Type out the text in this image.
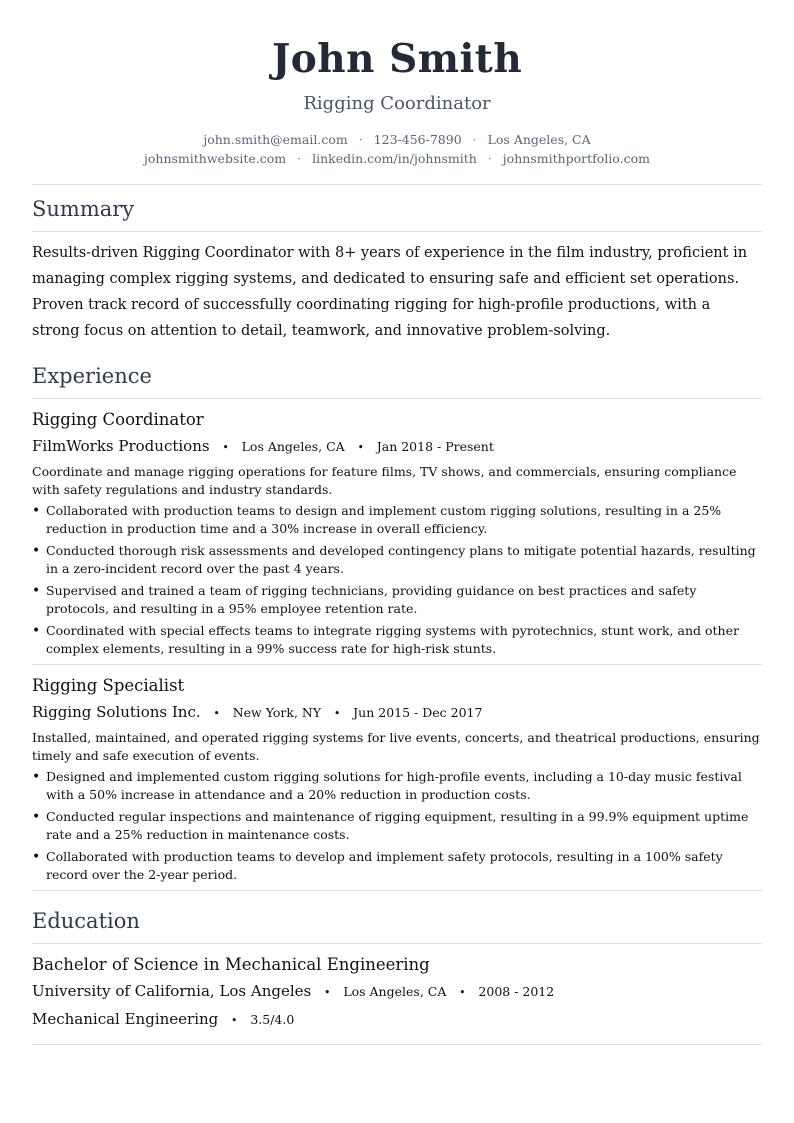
John Smith
Rigging Coordinator
john.smith@email.com · 123-456-7890 · Los Angeles, CA
johnsmithwebsite.com · linkedin.com/in/johnsmith · johnsmithportfolio.com
Summary
Results-driven Rigging Coordinator with 8+ years of experience in the film industry, proficient in managing complex rigging systems, and dedicated to ensuring safe and efficient set operations. Proven track record of successfully coordinating rigging for high-profile productions, with a strong focus on attention to detail, teamwork, and innovative problem-solving.
Experience
Rigging Coordinator
FilmWorks Productions • Los Angeles, CA • Jan 2018 - Present
Coordinate and manage rigging operations for feature films, TV shows, and commercials, ensuring compliance with safety regulations and industry standards.
• Collaborated with production teams to design and implement custom rigging solutions, resulting in a 25% reduction in production time and a 30% increase in overall efficiency.
• Conducted thorough risk assessments and developed contingency plans to mitigate potential hazards, resulting in a zero-incident record over the past 4 years.
• Supervised and trained a team of rigging technicians, providing guidance on best practices and safety protocols, and resulting in a 95% employee retention rate.
• Coordinated with special effects teams to integrate rigging systems with pyrotechnics, stunt work, and other complex elements, resulting in a 99% success rate for high-risk stunts.
Rigging Specialist
Rigging Solutions Inc. • New York, NY • Jun 2015 - Dec 2017
Installed, maintained, and operated rigging systems for live events, concerts, and theatrical productions, ensuring timely and safe execution of events.
• Designed and implemented custom rigging solutions for high-profile events, including a 10-day music festival with a 50% increase in attendance and a 20% reduction in production costs.
• Conducted regular inspections and maintenance of rigging equipment, resulting in a 99.9% equipment uptime rate and a 25% reduction in maintenance costs.
• Collaborated with production teams to develop and implement safety protocols, resulting in a 100% safety record over the 2-year period.
Education
Bachelor of Science in Mechanical Engineering
University of California, Los Angeles • Los Angeles, CA • 2008 - 2012
Mechanical Engineering • 3.5/4.0
